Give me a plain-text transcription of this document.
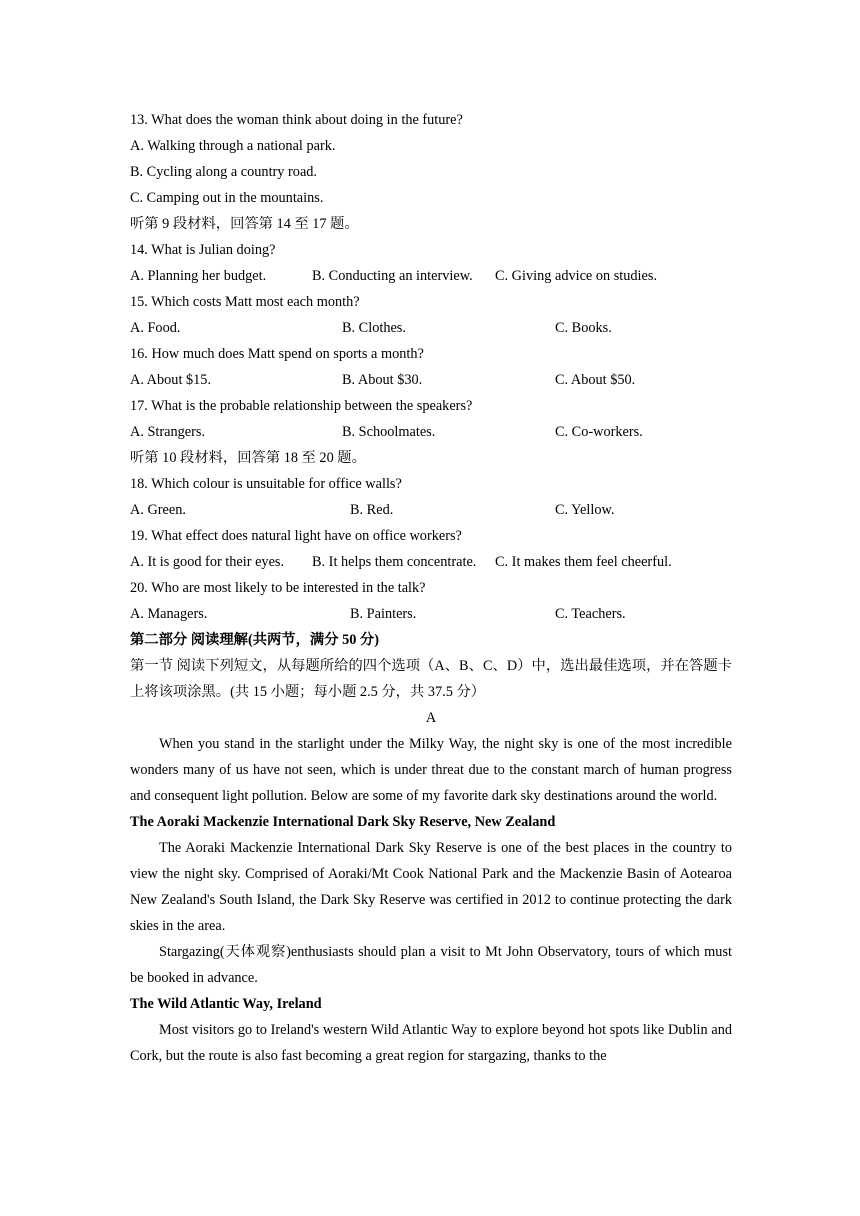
13. What does the woman think about doing in the future?
A. Walking through a national park.
B. Cycling along a country road.
C. Camping out in the mountains.
听第 9 段材料，回答第 14 至 17 题。
14. What is Julian doing?
A. Planning her budget.	B. Conducting an interview. C. Giving advice on studies.
15. Which costs Matt most each month?
A. Food.	B. Clothes.	C. Books.
16. How much does Matt spend on sports a month?
A. About $15.	B. About $30.	C. About $50.
17. What is the probable relationship between the speakers?
A. Strangers.	B. Schoolmates.	C. Co-workers.
听第 10 段材料，回答第 18 至 20 题。
18. Which colour is unsuitable for office walls?
A. Green.	B. Red.	C. Yellow.
19. What effect does natural light have on office workers?
A. It is good for their eyes. B. It helps them concentrate. C. It makes them feel cheerful.
20. Who are most likely to be interested in the talk?
A. Managers.	B. Painters.	C. Teachers.
第二部分 阅读理解(共两节，满分 50 分)
第一节 阅读下列短文，从每题所给的四个选项（A、B、C、D）中，选出最佳选项，并在答题卡上将该项涂黑。(共 15 小题；每小题 2.5 分，共 37.5 分）
A
When you stand in the starlight under the Milky Way, the night sky is one of the most incredible wonders many of us have not seen, which is under threat due to the constant march of human progress and consequent light pollution. Below are some of my favorite dark sky destinations around the world.
The Aoraki Mackenzie International Dark Sky Reserve, New Zealand
The Aoraki Mackenzie International Dark Sky Reserve is one of the best places in the country to view the night sky. Comprised of Aoraki/Mt Cook National Park and the Mackenzie Basin of Aotearoa New Zealand's South Island, the Dark Sky Reserve was certified in 2012 to continue protecting the dark skies in the area.
Stargazing(天体观察)enthusiasts should plan a visit to Mt John Observatory, tours of which must be booked in advance.
The Wild Atlantic Way, Ireland
Most visitors go to Ireland's western Wild Atlantic Way to explore beyond hot spots like Dublin and Cork, but the route is also fast becoming a great region for stargazing, thanks to the
